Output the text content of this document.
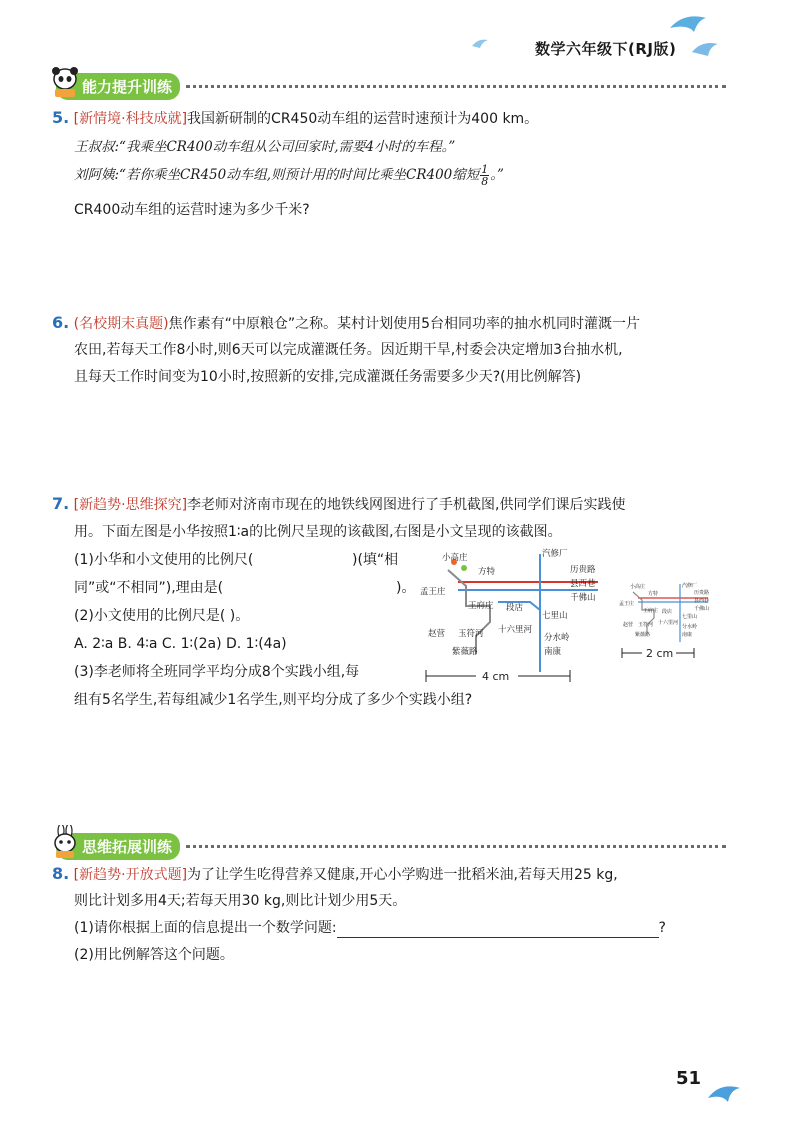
数学六年级下(RJ版)
能力提升训练
5. [新情境·科技成就]我国新研制的CR450动车组的运营时速预计为400 km。
王叔叔:“我乘坐CR400动车组从公司回家时,需要4小时的车程。”
刘阿姨:“若你乘坐CR450动车组,则预计用的时间比乘坐CR400缩短 $\frac{1}{8}$ 。”
CR400动车组的运营时速为多少千米?
6. (名校期末真题)焦作素有“中原粮仓”之称。某村计划使用5台相同功率的抽水机同时灌溉一片
农田,若每天工作8小时,则6天可以完成灌溉任务。因近期干旱,村委会决定增加3台抽水机,
且每天工作时间变为10小时,按照新的安排,完成灌溉任务需要多少天?(用比例解答)
7. [新趋势·思维探究]李老师对济南市现在的地铁线网图进行了手机截图,供同学们课后实践使
用。下面左图是小华按照1∶a的比例尺呈现的该截图,右图是小文呈现的该截图。
(1)小华和小文使用的比例尺(	)(填“相
同”或“不相同”),理由是(	)。
(2)小文使用的比例尺是( )。
A. 2∶a B. 4∶a C. 1∶(2a) D. 1∶(4a)
(3)李老师将全班同学平均分成8个实践小组,每
组有5名学生,若每组减少1名学生,则平均分成了多少个实践小组?
小高庄	汽修厂
方特	历贵路
孟王庄
县西巷
千佛山
王府庄 段店
七里山
十六里河
赵营 玉符河	分水岭
紫薇路	南康
4 cm
小高庄	汽修厂
方特	历贵路
孟王庄	县西巷
千佛山
王府庄 段店
七里山
十六里河
赵营 玉符河	分水岭
紫薇路	南康
2 cm
思维拓展训练
8. [新趋势·开放式题]为了让学生吃得营养又健康,开心小学购进一批稻米油,若每天用25 kg,
则比计划多用4天;若每天用30 kg,则比计划少用5天。
(1)请你根据上面的信息提出一个数学问题:	?
(2)用比例解答这个问题。
51
